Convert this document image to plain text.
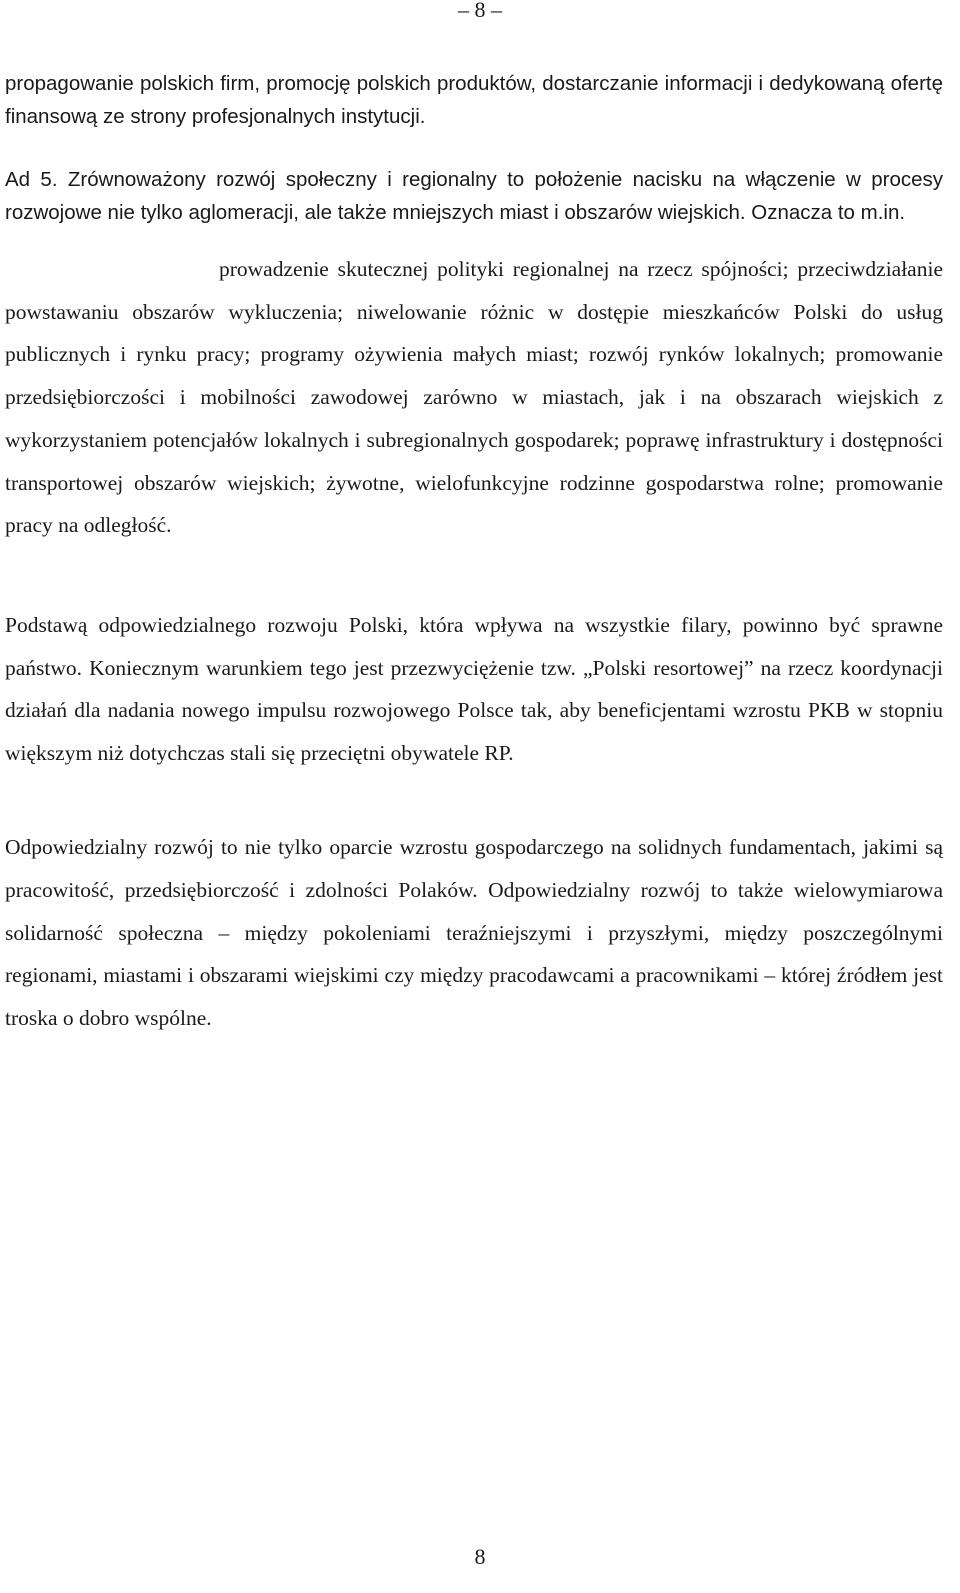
– 8 –
propagowanie polskich firm, promocję polskich produktów, dostarczanie informacji i dedykowaną ofertę finansową ze strony profesjonalnych instytucji.
Ad 5. Zrównoważony rozwój społeczny i regionalny to położenie nacisku na włączenie w procesy rozwojowe nie tylko aglomeracji, ale także mniejszych miast i obszarów wiejskich. Oznacza to m.in.
prowadzenie skutecznej polityki regionalnej na rzecz spójności; przeciwdziałanie powstawaniu obszarów wykluczenia; niwelowanie różnic w dostępie mieszkańców Polski do usług publicznych i rynku pracy; programy ożywienia małych miast; rozwój rynków lokalnych; promowanie przedsiębiorczości i mobilności zawodowej zarówno w miastach, jak i na obszarach wiejskich z wykorzystaniem potencjałów lokalnych i subregionalnych gospodarek; poprawę infrastruktury i dostępności transportowej obszarów wiejskich; żywotne, wielofunkcyjne rodzinne gospodarstwa rolne; promowanie pracy na odległość.
Podstawą odpowiedzialnego rozwoju Polski, która wpływa na wszystkie filary, powinno być sprawne państwo. Koniecznym warunkiem tego jest przezwyciężenie tzw. „Polski resortowej” na rzecz koordynacji działań dla nadania nowego impulsu rozwojowego Polsce tak, aby beneficjentami wzrostu PKB w stopniu większym niż dotychczas stali się przeciętni obywatele RP.
Odpowiedzialny rozwój to nie tylko oparcie wzrostu gospodarczego na solidnych fundamentach, jakimi są pracowitość, przedsiębiorczość i zdolności Polaków. Odpowiedzialny rozwój to także wielowymiarowa solidarność społeczna – między pokoleniami teraźniejszymi i przyszłymi, między poszczególnymi regionami, miastami i obszarami wiejskimi czy między pracodawcami a pracownikami – której źródłem jest troska o dobro wspólne.
8
